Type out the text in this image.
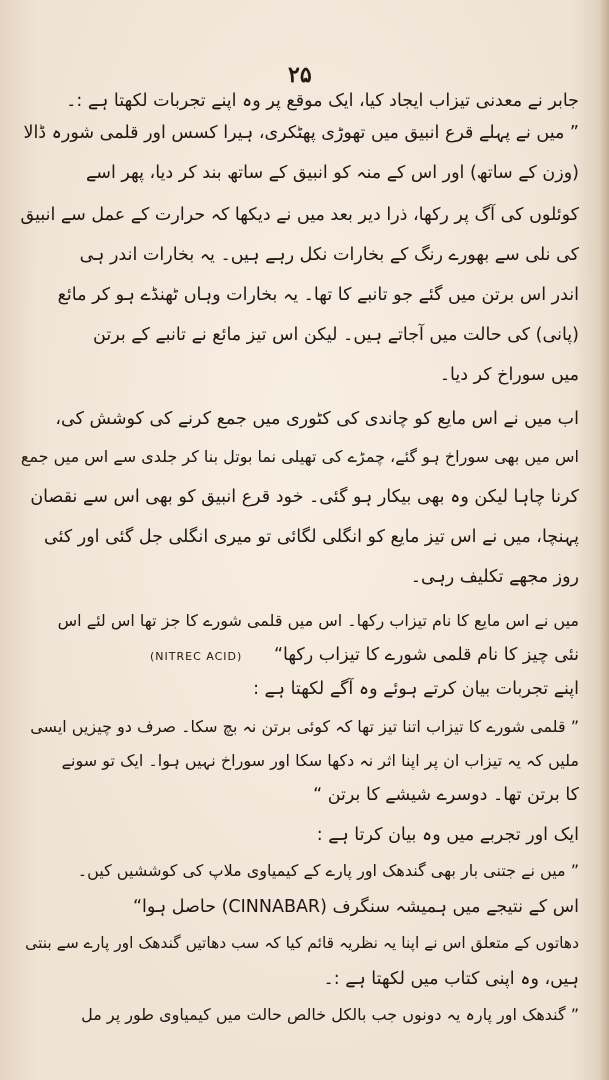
۲۵
جابر نے معدنی تیزاب ایجاد کیا، ایک موقع پر وہ اپنے تجربات لکھتا ہے :۔
” میں نے پہلے قرع انبیق میں تھوڑی پھٹکری، ہیرا کسس اور قلمی شورہ ڈالا
(وزن کے ساتھ) اور اس کے منہ کو انبیق کے ساتھ بند کر دیا، پھر اسے
کوئلوں کی آگ پر رکھا، ذرا دیر بعد میں نے دیکھا کہ حرارت کے عمل سے انبیق
کی نلی سے بھورے رنگ کے بخارات نکل رہے ہیں۔ یہ بخارات اندر ہی
اندر اس برتن میں گئے جو تانبے کا تھا۔ یہ بخارات وہاں ٹھنڈے ہو کر مائع
(پانی) کی حالت میں آجاتے ہیں۔ لیکن اس تیز مائع نے تانبے کے برتن
میں سوراخ کر دیا۔
اب میں نے اس مایع کو چاندی کی کٹوری میں جمع کرنے کی کوشش کی،
اس میں بھی سوراخ ہو گئے، چمڑے کی تھیلی نما بوتل بنا کر جلدی سے اس میں جمع
کرنا چاہا لیکن وہ بھی بیکار ہو گئی۔ خود قرع انبیق کو بھی اس سے نقصان
پہنچا، میں نے اس تیز مایع کو انگلی لگائی تو میری انگلی جل گئی اور کئی
روز مجھے تکلیف رہی۔
میں نے اس مایع کا نام تیزاب رکھا۔ اس میں قلمی شورے کا جز تھا اس لئے اس
نئی چیز کا نام قلمی شورے کا تیزاب رکھا“
(NITREC ACID)
اپنے تجربات بیان کرتے ہوئے وہ آگے لکھتا ہے :
” قلمی شورے کا تیزاب اتنا تیز تھا کہ کوئی برتن نہ بچ سکا۔ صرف دو چیزیں ایسی
ملیں کہ یہ تیزاب ان پر اپنا اثر نہ دکھا سکا اور سوراخ نہیں ہوا۔ ایک تو سونے
کا برتن تھا۔ دوسرے شیشے کا برتن “
ایک اور تجربے میں وہ بیان کرتا ہے :
” میں نے جتنی بار بھی گندھک اور پارے کے کیمیاوی ملاپ کی کوششیں کیں۔
اس کے نتیجے میں ہمیشہ سنگرف (CINNABAR) حاصل ہوا“
دھاتوں کے متعلق اس نے اپنا یہ نظریہ قائم کیا کہ سب دھاتیں گندھک اور پارے سے بنتی
ہیں، وہ اپنی کتاب میں لکھتا ہے :۔
” گندھک اور پارہ یہ دونوں جب بالکل خالص حالت میں کیمیاوی طور پر مل
